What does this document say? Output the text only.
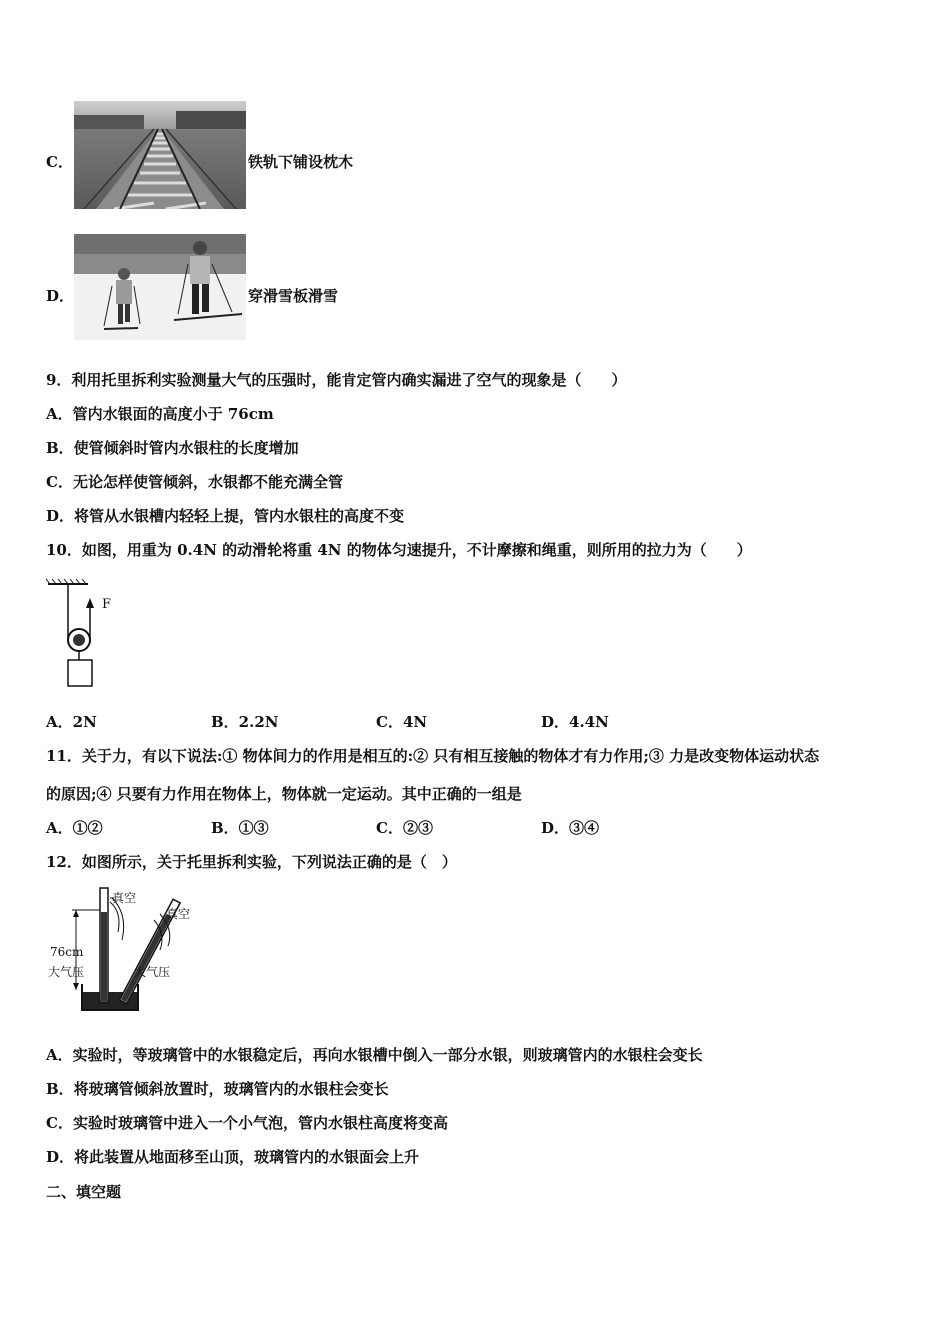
C．	铁轨下铺设枕木
D．	穿滑雪板滑雪
9．利用托里拆利实验测量大气的压强时，能肯定管内确实漏进了空气的现象是（　　）
A．管内水银面的高度小于 76cm
B．使管倾斜时管内水银柱的长度增加
C．无论怎样使管倾斜，水银都不能充满全管
D．将管从水银槽内轻轻上提，管内水银柱的高度不变
10．如图，用重为 0.4N 的动滑轮将重 4N 的物体匀速提升，不计摩擦和绳重，则所用的拉力为（　　）
F
A．2N	B．2.2N	C．4N	D．4.4N
11．关于力，有以下说法:① 物体间力的作用是相互的:② 只有相互接触的物体才有力作用;③ 力是改变物体运动状态
的原因;④ 只要有力作用在物体上，物体就一定运动。其中正确的一组是
A．①②	B．①③	C．②③	D．③④
12．如图所示，关于托里拆利实验，下列说法正确的是（　）
真空
真空
76cm
大气压	大气压
A．实验时，等玻璃管中的水银稳定后，再向水银槽中倒入一部分水银，则玻璃管内的水银柱会变长
B．将玻璃管倾斜放置时，玻璃管内的水银柱会变长
C．实验时玻璃管中进入一个小气泡，管内水银柱高度将变高
D．将此装置从地面移至山顶，玻璃管内的水银面会上升
二、填空题
